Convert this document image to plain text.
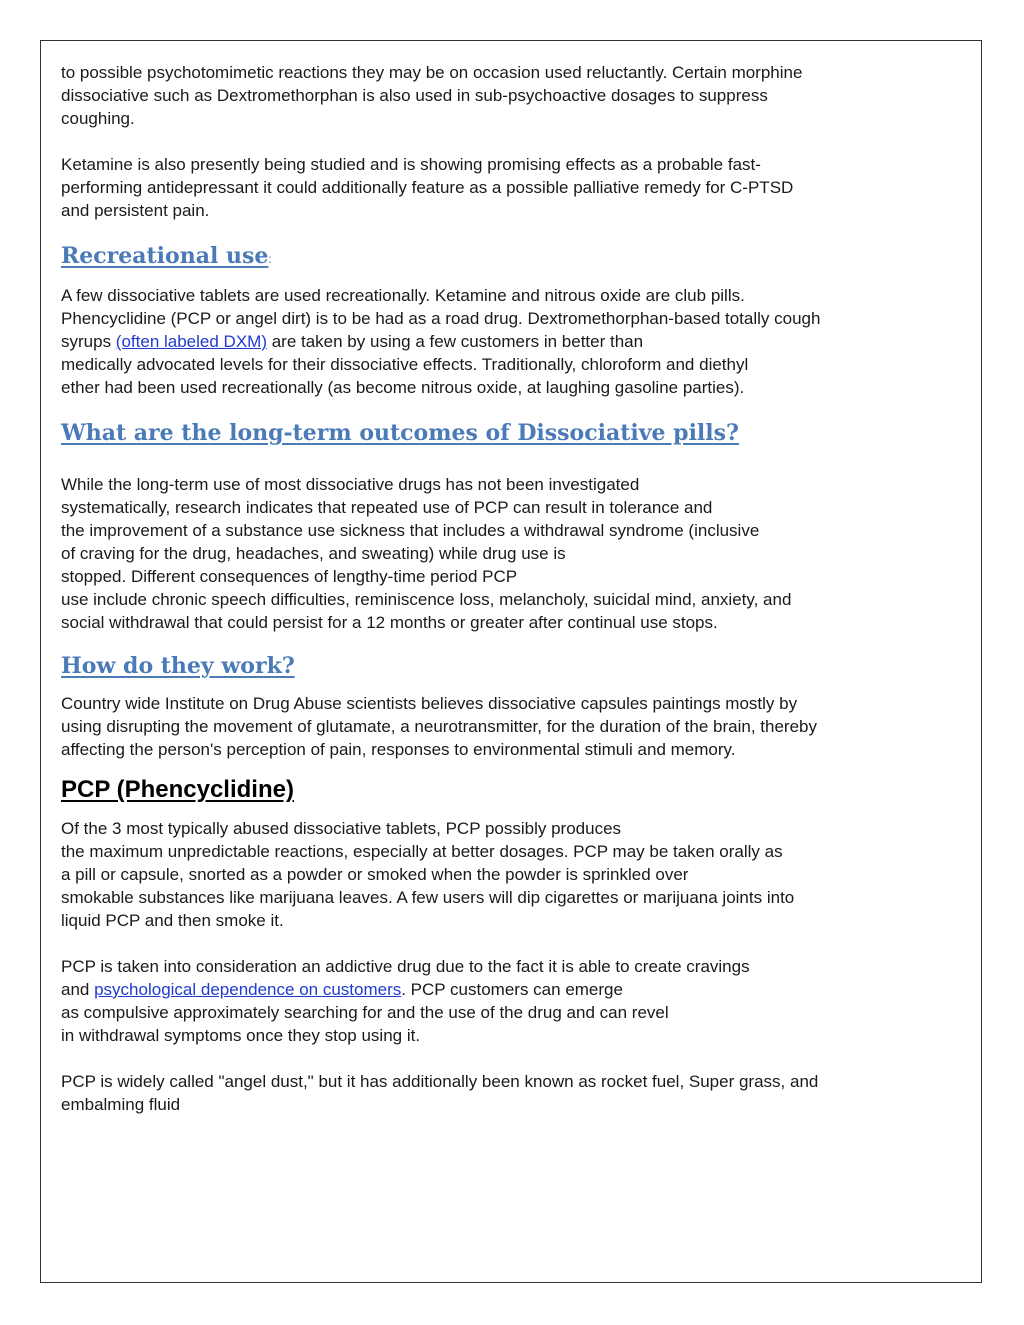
to possible psychotomimetic reactions they may be on occasion used reluctantly. Certain morphine
dissociative such as Dextromethorphan is also used in sub-psychoactive dosages to suppress
coughing.

Ketamine is also presently being studied and is showing promising effects as a probable fast-
performing antidepressant it could additionally feature as a possible palliative remedy for C-PTSD
and persistent pain.

Recreational use:

A few dissociative tablets are used recreationally. Ketamine and nitrous oxide are club pills.
Phencyclidine (PCP or angel dirt) is to be had as a road drug. Dextromethorphan-based totally cough
syrups (often labeled DXM) are taken by using a few customers in better than
medically advocated levels for their dissociative effects. Traditionally, chloroform and diethyl
ether had been used recreationally (as become nitrous oxide, at laughing gasoline parties).

What are the long-term outcomes of Dissociative pills?

While the long-term use of most dissociative drugs has not been investigated
systematically, research indicates that repeated use of PCP can result in tolerance and
the improvement of a substance use sickness that includes a withdrawal syndrome (inclusive
of craving for the drug, headaches, and sweating) while drug use is
stopped. Different consequences of lengthy-time period PCP
use include chronic speech difficulties, reminiscence loss, melancholy, suicidal mind, anxiety, and
social withdrawal that could persist for a 12 months or greater after continual use stops.

How do they work?

Country wide Institute on Drug Abuse scientists believes dissociative capsules paintings mostly by
using disrupting the movement of glutamate, a neurotransmitter, for the duration of the brain, thereby
affecting the person's perception of pain, responses to environmental stimuli and memory.

PCP (Phencyclidine)

Of the 3 most typically abused dissociative tablets, PCP possibly produces
the maximum unpredictable reactions, especially at better dosages. PCP may be taken orally as
a pill or capsule, snorted as a powder or smoked when the powder is sprinkled over
smokable substances like marijuana leaves. A few users will dip cigarettes or marijuana joints into
liquid PCP and then smoke it.

PCP is taken into consideration an addictive drug due to the fact it is able to create cravings
and psychological dependence on customers. PCP customers can emerge
as compulsive approximately searching for and the use of the drug and can revel
in withdrawal symptoms once they stop using it.

PCP is widely called "angel dust," but it has additionally been known as rocket fuel, Super grass, and
embalming fluid
